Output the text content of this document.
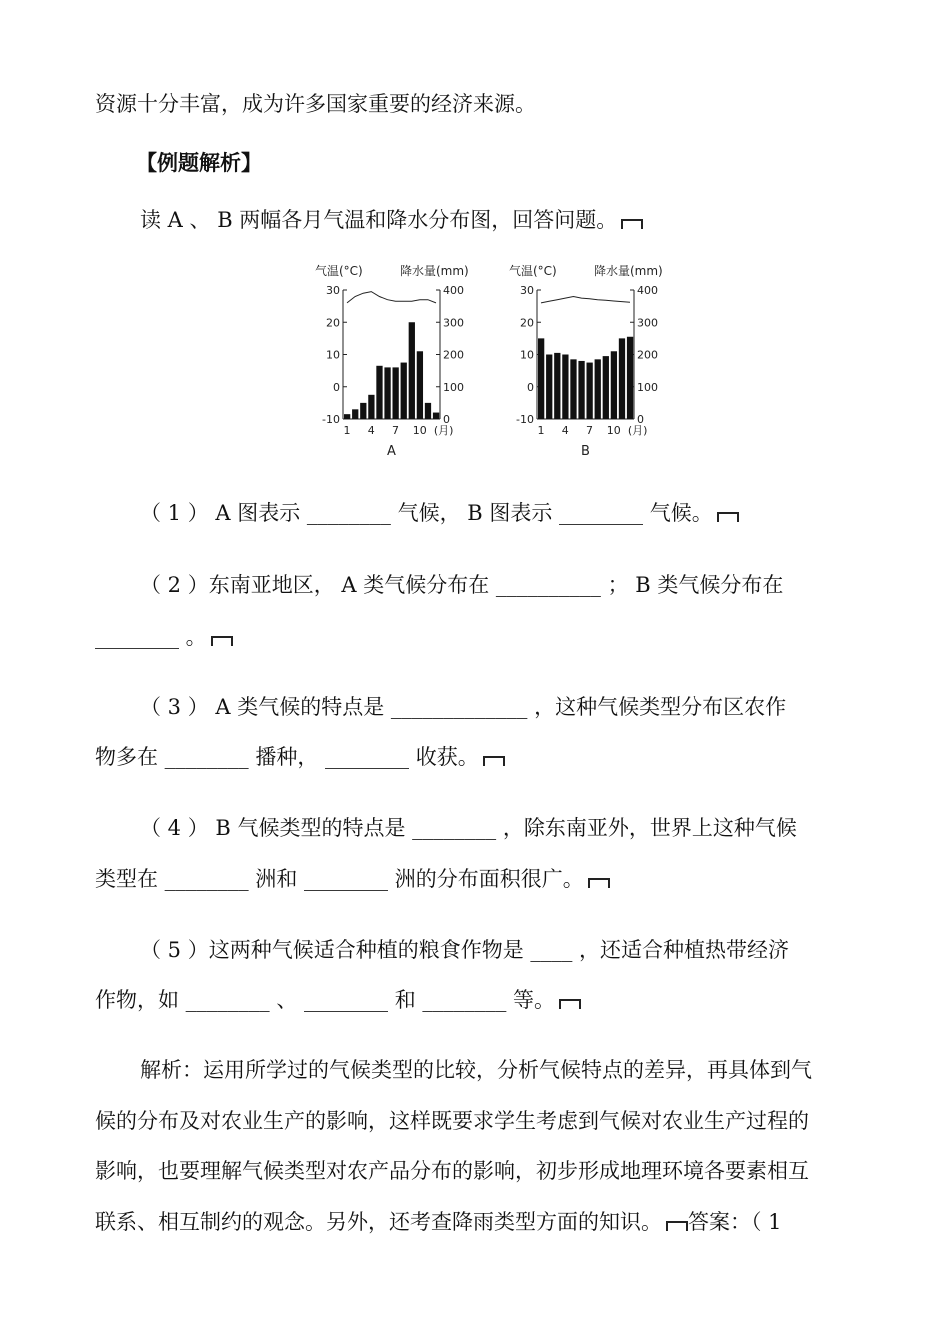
资源十分丰富，成为许多国家重要的经济来源。
【例题解析】
读 A 、 B 两幅各月气温和降水分布图，回答问题。
气温(°C)	降水量(mm)
30
20
10
0
-10
400
300
200
100
0
1 4 7 10 (月)
A
气温(°C)	降水量(mm)
30
20
10
0
-10
400
300
200
100
0
1 4 7 10 (月)
B
（ 1 ） A 图表示 ________ 气候， B 图表示 ________ 气候。
（ 2 ）东南亚地区， A 类气候分布在 __________ ； B 类气候分布在
________ 。
（ 3 ） A 类气候的特点是 _____________ ，这种气候类型分布区农作
物多在 ________ 播种， ________ 收获。
（ 4 ） B 气候类型的特点是 ________ ，除东南亚外，世界上这种气候
类型在 ________ 洲和 ________ 洲的分布面积很广。
（ 5 ）这两种气候适合种植的粮食作物是 ____ ，还适合种植热带经济
作物，如 ________ 、 ________ 和 ________ 等。
解析：运用所学过的气候类型的比较，分析气候特点的差异，再具体到气
候的分布及对农业生产的影响，这样既要求学生考虑到气候对农业生产过程的
影响，也要理解气候类型对农产品分布的影响，初步形成地理环境各要素相互
联系、相互制约的观念。另外，还考查降雨类型方面的知识。 答案：（ 1
